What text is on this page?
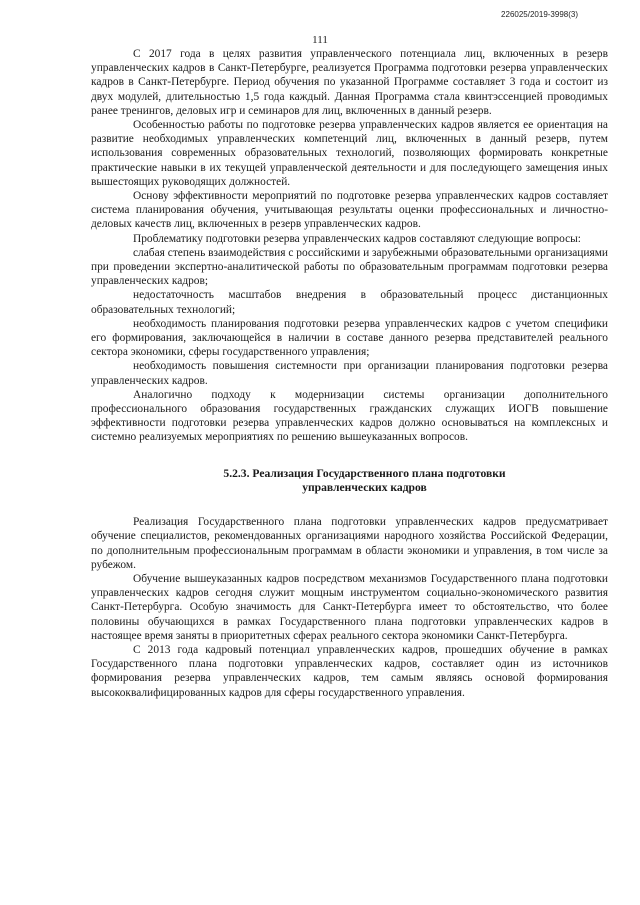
226025/2019-3998(3)
111

С 2017 года в целях развития управленческого потенциала лиц, включенных в резерв управленческих кадров в Санкт-Петербурге, реализуется Программа подготовки резерва управленческих кадров в Санкт-Петербурге. Период обучения по указанной Программе составляет 3 года и состоит из двух модулей, длительностью 1,5 года каждый. Данная Программа стала квинтэссенцией проводимых ранее тренингов, деловых игр и семинаров для лиц, включенных в данный резерв.

Особенностью работы по подготовке резерва управленческих кадров является ее ориентация на развитие необходимых управленческих компетенций лиц, включенных в данный резерв, путем использования современных образовательных технологий, позволяющих формировать конкретные практические навыки в их текущей управленческой деятельности и для последующего замещения иных вышестоящих руководящих должностей.

Основу эффективности мероприятий по подготовке резерва управленческих кадров составляет система планирования обучения, учитывающая результаты оценки профессиональных и личностно-деловых качеств лиц, включенных в резерв управленческих кадров.

Проблематику подготовки резерва управленческих кадров составляют следующие вопросы:

слабая степень взаимодействия с российскими и зарубежными образовательными организациями при проведении экспертно-аналитической работы по образовательным программам подготовки резерва управленческих кадров;

недостаточность масштабов внедрения в образовательный процесс дистанционных образовательных технологий;

необходимость планирования подготовки резерва управленческих кадров с учетом специфики его формирования, заключающейся в наличии в составе данного резерва представителей реального сектора экономики, сферы государственного управления;

необходимость повышения системности при организации планирования подготовки резерва управленческих кадров.

Аналогично подходу к модернизации системы организации дополнительного профессионального образования государственных гражданских служащих ИОГВ повышение эффективности подготовки резерва управленческих кадров должно основываться на комплексных и системно реализуемых мероприятиях по решению вышеуказанных вопросов.

5.2.3. Реализация Государственного плана подготовки
управленческих кадров

Реализация Государственного плана подготовки управленческих кадров предусматривает обучение специалистов, рекомендованных организациями народного хозяйства Российской Федерации, по дополнительным профессиональным программам в области экономики и управления, в том числе за рубежом.

Обучение вышеуказанных кадров посредством механизмов Государственного плана подготовки управленческих кадров сегодня служит мощным инструментом социально-экономического развития Санкт-Петербурга. Особую значимость для Санкт-Петербурга имеет то обстоятельство, что более половины обучающихся в рамках Государственного плана подготовки управленческих кадров в настоящее время заняты в приоритетных сферах реального сектора экономики Санкт-Петербурга.

С 2013 года кадровый потенциал управленческих кадров, прошедших обучение в рамках Государственного плана подготовки управленческих кадров, составляет один из источников формирования резерва управленческих кадров, тем самым являясь основой формирования высококвалифицированных кадров для сферы государственного управления.
